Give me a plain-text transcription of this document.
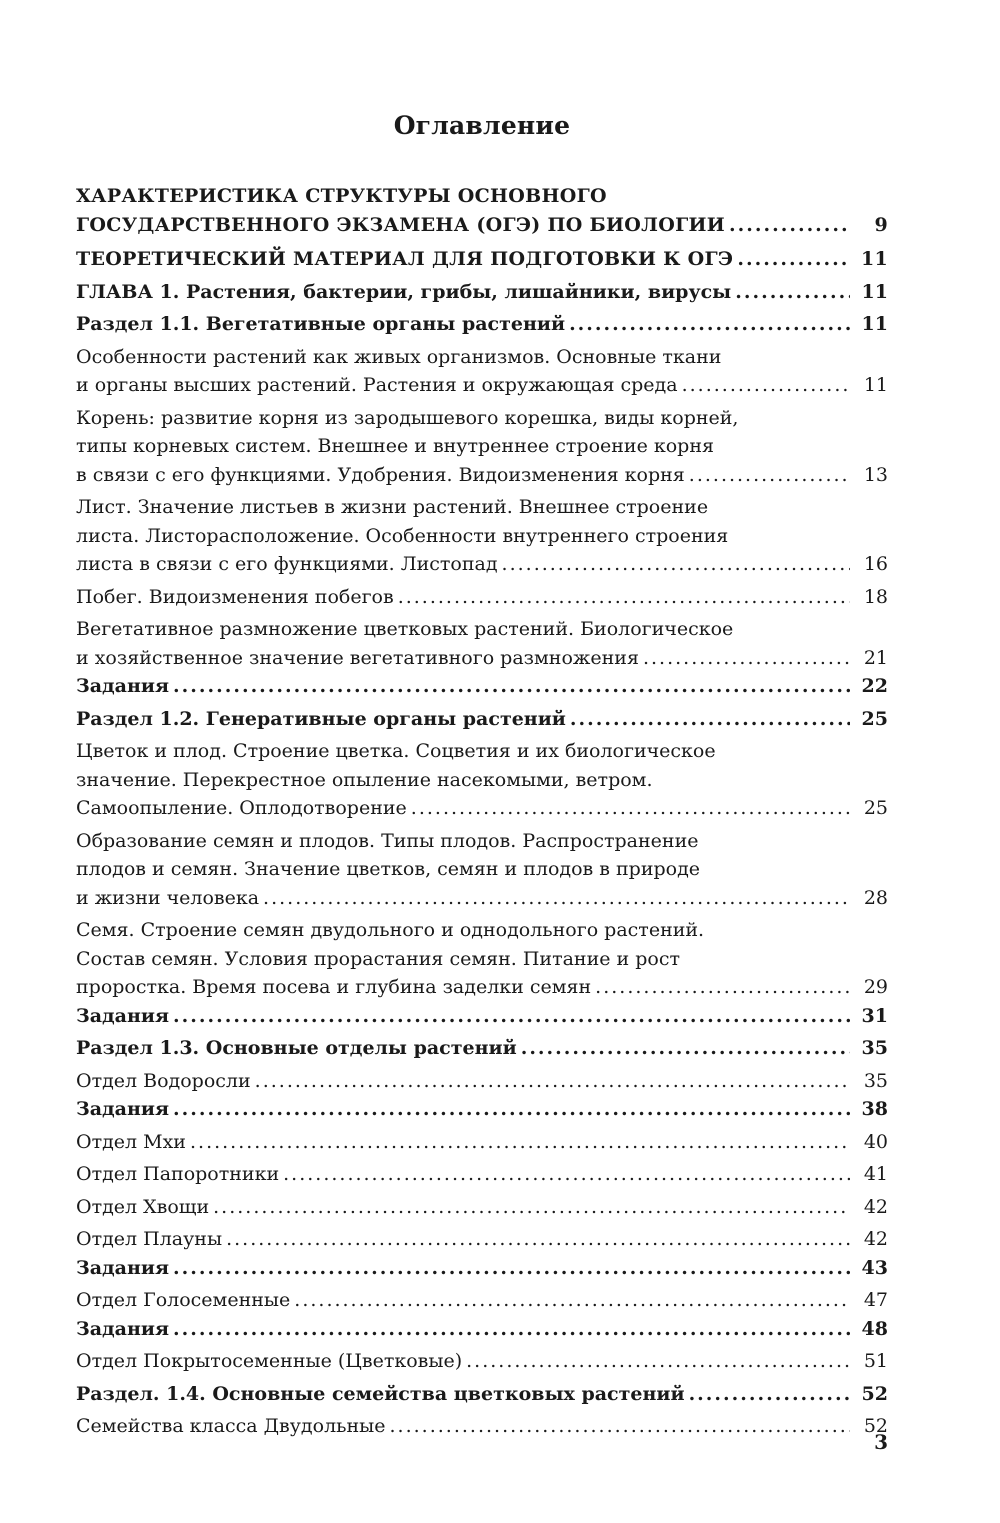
Оглавление
ХАРАКТЕРИСТИКА СТРУКТУРЫ ОСНОВНОГО
ГОСУДАРСТВЕННОГО ЭКЗАМЕНА (ОГЭ) ПО БИОЛОГИИ .....	9
ТЕОРЕТИЧЕСКИЙ МАТЕРИАЛ ДЛЯ ПОДГОТОВКИ К ОГЭ .....	11
ГЛАВА 1. Растения, бактерии, грибы, лишайники, вирусы .....	11
Раздел 1.1. Вегетативные органы растений .....	11
Особенности растений как живых организмов. Основные ткани
и органы высших растений. Растения и окружающая среда .....	11
Корень: развитие корня из зародышевого корешка, виды корней,
типы корневых систем. Внешнее и внутреннее строение корня
в связи с его функциями. Удобрения. Видоизменения корня .....	13
Лист. Значение листьев в жизни растений. Внешнее строение
листа. Листорасположение. Особенности внутреннего строения
листа в связи с его функциями. Листопад .....	16
Побег. Видоизменения побегов .....	18
Вегетативное размножение цветковых растений. Биологическое
и хозяйственное значение вегетативного размножения .....	21
Задания .....	22
Раздел 1.2. Генеративные органы растений .....	25
Цветок и плод. Строение цветка. Соцветия и их биологическое
значение. Перекрестное опыление насекомыми, ветром.
Самоопыление. Оплодотворение .....	25
Образование семян и плодов. Типы плодов. Распространение
плодов и семян. Значение цветков, семян и плодов в природе
и жизни человека .....	28
Семя. Строение семян двудольного и однодольного растений.
Состав семян. Условия прорастания семян. Питание и рост
проростка. Время посева и глубина заделки семян .....	29
Задания .....	31
Раздел 1.3. Основные отделы растений .....	35
Отдел Водоросли .....	35
Задания .....	38
Отдел Мхи .....	40
Отдел Папоротники .....	41
Отдел Хвощи .....	42
Отдел Плауны .....	42
Задания .....	43
Отдел Голосеменные .....	47
Задания .....	48
Отдел Покрытосеменные (Цветковые) .....	51
Раздел. 1.4. Основные семейства цветковых растений .....	52
Семейства класса Двудольные .....	52
3
